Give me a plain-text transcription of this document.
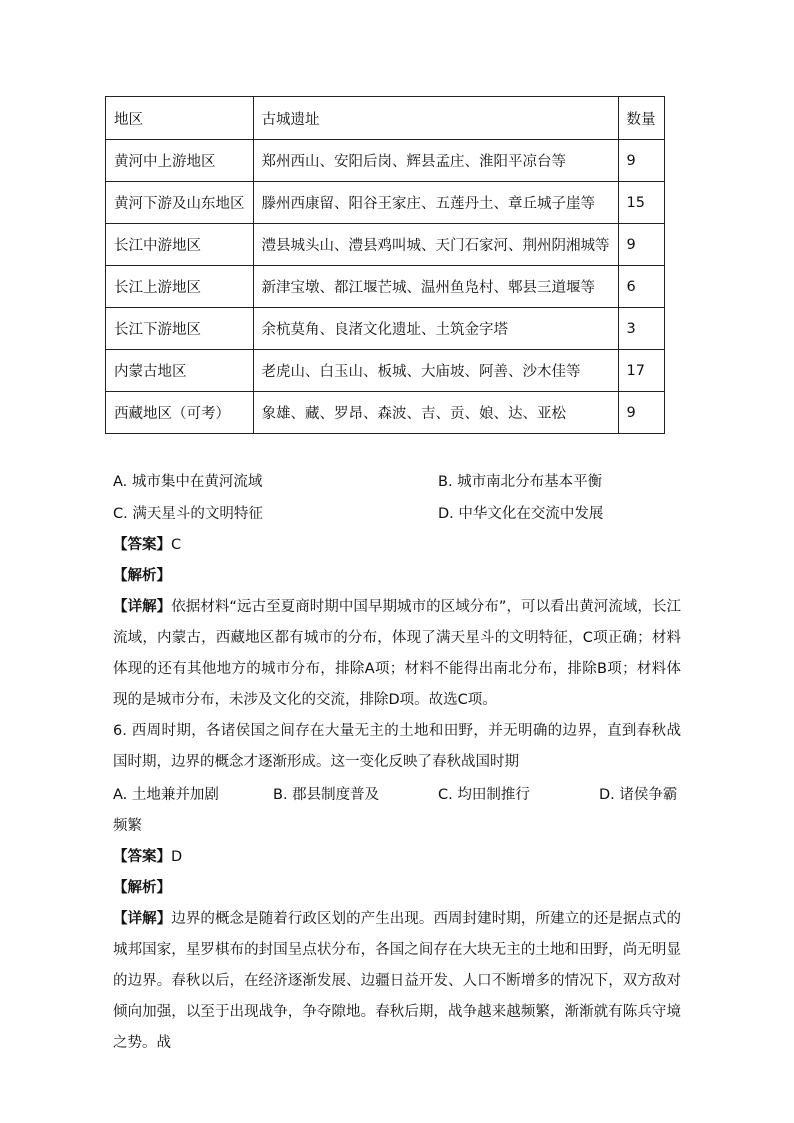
地区	古城遗址	数量
黄河中上游地区	郑州西山、安阳后岗、辉县孟庄、淮阳平凉台等	9
黄河下游及山东地区	滕州西康留、阳谷王家庄、五莲丹土、章丘城子崖等	15
长江中游地区	澧县城头山、澧县鸡叫城、天门石家河、荆州阴湘城等	9
长江上游地区	新津宝墩、都江堰芒城、温州鱼凫村、郫县三道堰等	6
长江下游地区	余杭莫角、良渚文化遗址、土筑金字塔	3
内蒙古地区	老虎山、白玉山、板城、大庙坡、阿善、沙木佳等	17
西藏地区（可考）	象雄、藏、罗昂、森波、吉、贡、娘、达、亚松	9
A. 城市集中在黄河流域	B. 城市南北分布基本平衡
C. 满天星斗的文明特征	D. 中华文化在交流中发展
【答案】C
【解析】
【详解】依据材料“远古至夏商时期中国早期城市的区域分布”，可以看出黄河流域，长江流域，内蒙古，西藏地区都有城市的分布，体现了满天星斗的文明特征，C项正确；材料体现的还有其他地方的城市分布，排除A项；材料不能得出南北分布，排除B项；材料体现的是城市分布，未涉及文化的交流，排除D项。故选C项。
6. 西周时期，各诸侯国之间存在大量无主的土地和田野，并无明确的边界，直到春秋战国时期，边界的概念才逐渐形成。这一变化反映了春秋战国时期
A. 土地兼并加剧	B. 郡县制度普及	C. 均田制推行	D. 诸侯争霸
频繁
【答案】D
【解析】
【详解】边界的概念是随着行政区划的产生出现。西周封建时期，所建立的还是据点式的城邦国家，星罗棋布的封国呈点状分布，各国之间存在大块无主的土地和田野，尚无明显的边界。春秋以后，在经济逐渐发展、边疆日益开发、人口不断增多的情况下，双方敌对倾向加强，以至于出现战争，争夺隙地。春秋后期，战争越来越频繁，渐渐就有陈兵守境之势。战
